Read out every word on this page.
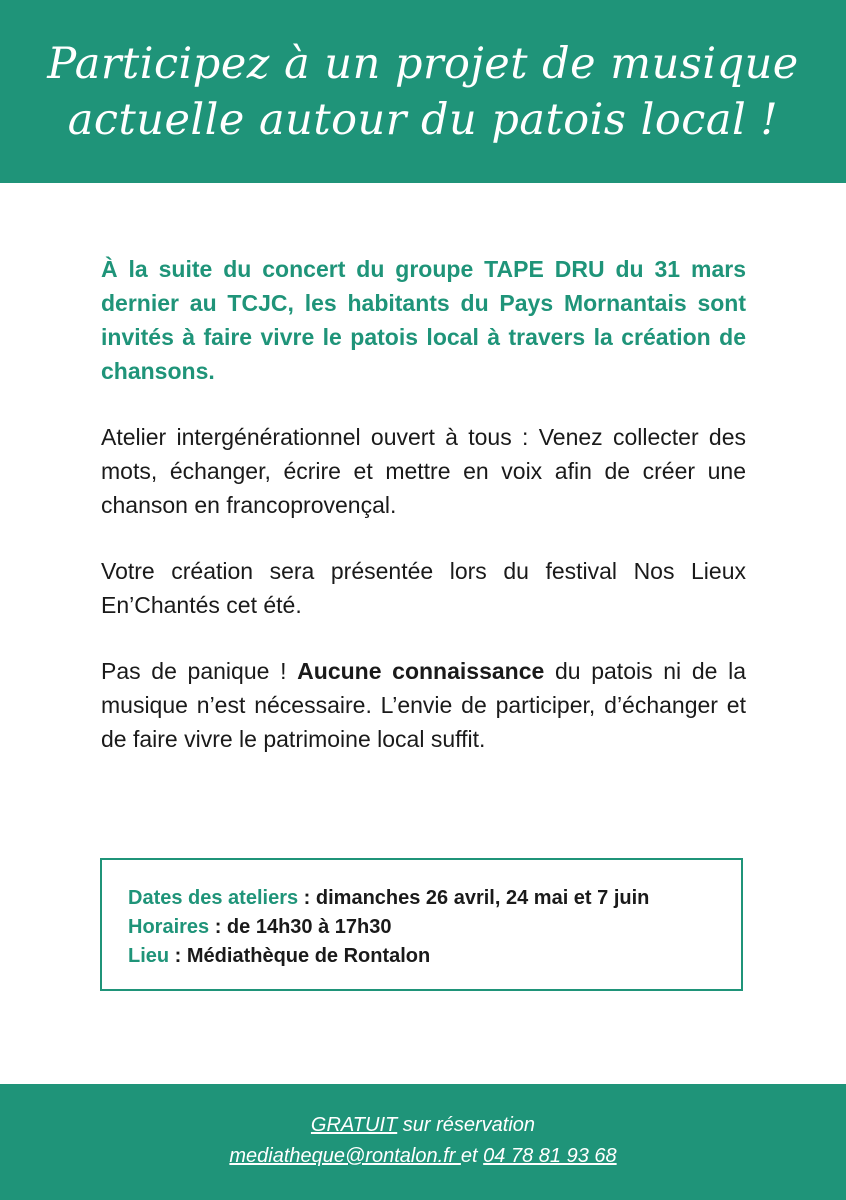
Participez à un projet de musique
actuelle autour du patois local !

À la suite du concert du groupe TAPE DRU du 31 mars dernier au TCJC, les habitants du Pays Mornantais sont invités à faire vivre le patois local à travers la création de chansons.

Atelier intergénérationnel ouvert à tous : Venez collecter des mots, échanger, écrire et mettre en voix afin de créer une chanson en francoprovençal.

Votre création sera présentée lors du festival Nos Lieux En’Chantés cet été.

Pas de panique ! Aucune connaissance du patois ni de la musique n’est nécessaire. L’envie de participer, d’échanger et de faire vivre le patrimoine local suffit.

Dates des ateliers : dimanches 26 avril, 24 mai et 7 juin
Horaires : de 14h30 à 17h30
Lieu : Médiathèque de Rontalon
GRATUIT sur réservation
mediatheque@rontalon.fr et 04 78 81 93 68
